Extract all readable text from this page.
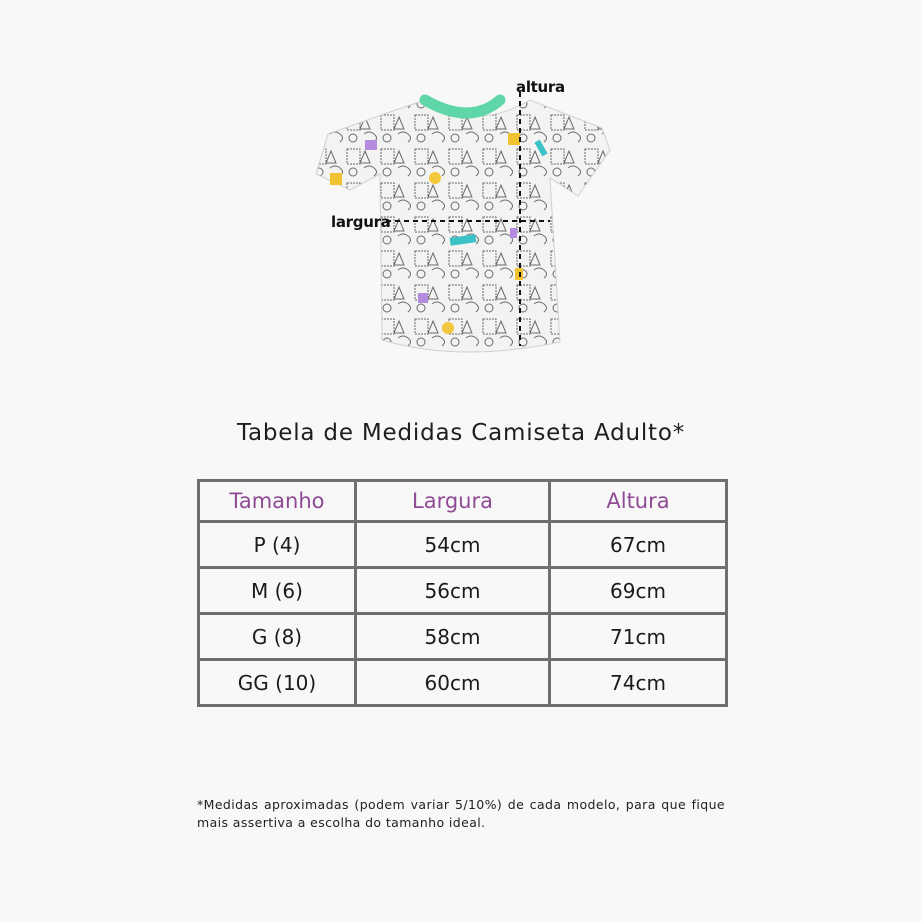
altura
largura
Tabela de Medidas Camiseta Adulto*
Tamanho	Largura	Altura
P (4)	54cm	67cm
M (6)	56cm	69cm
G (8)	58cm	71cm
GG (10)	60cm	74cm
*Medidas aproximadas (podem variar 5/10%) de cada modelo, para que fique mais assertiva a escolha do tamanho ideal.
